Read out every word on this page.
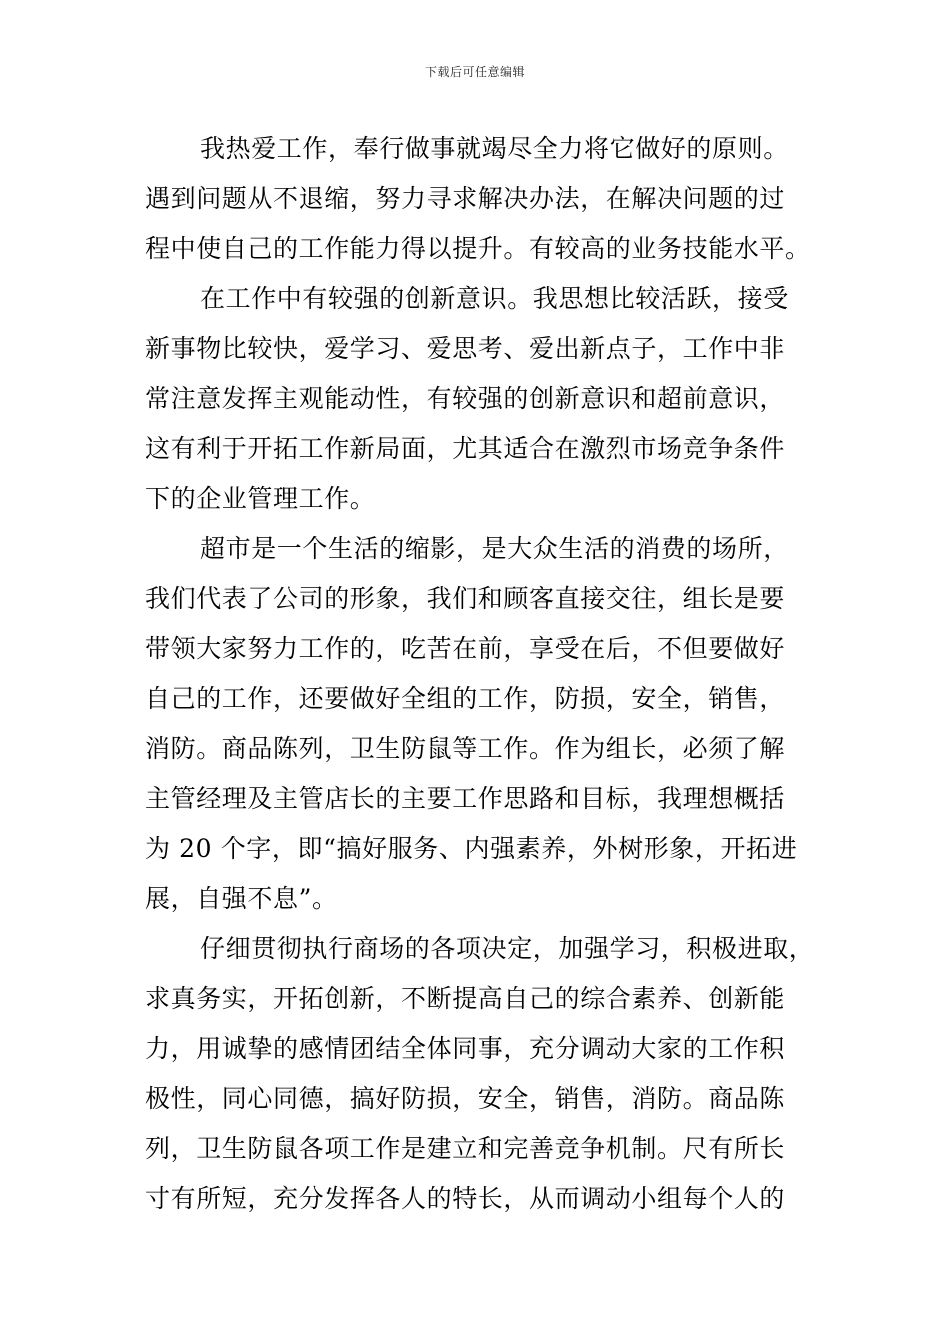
下载后可任意编辑
我热爱工作，奉行做事就竭尽全力将它做好的原则。
遇到问题从不退缩，努力寻求解决办法，在解决问题的过
程中使自己的工作能力得以提升。有较高的业务技能水平。
在工作中有较强的创新意识。我思想比较活跃，接受
新事物比较快，爱学习、爱思考、爱出新点子，工作中非
常注意发挥主观能动性，有较强的创新意识和超前意识，
这有利于开拓工作新局面，尤其适合在激烈市场竞争条件
下的企业管理工作。
超市是一个生活的缩影，是大众生活的消费的场所，
我们代表了公司的形象，我们和顾客直接交往，组长是要
带领大家努力工作的，吃苦在前，享受在后，不但要做好
自己的工作，还要做好全组的工作，防损，安全，销售，
消防。商品陈列，卫生防鼠等工作。作为组长，必须了解
主管经理及主管店长的主要工作思路和目标，我理想概括
为 20 个字，即“搞好服务、内强素养，外树形象，开拓进
展，自强不息”。
仔细贯彻执行商场的各项决定，加强学习，积极进取，
求真务实，开拓创新，不断提高自己的综合素养、创新能
力，用诚挚的感情团结全体同事，充分调动大家的工作积
极性，同心同德，搞好防损，安全，销售，消防。商品陈
列，卫生防鼠各项工作是建立和完善竞争机制。尺有所长
寸有所短，充分发挥各人的特长，从而调动小组每个人的
